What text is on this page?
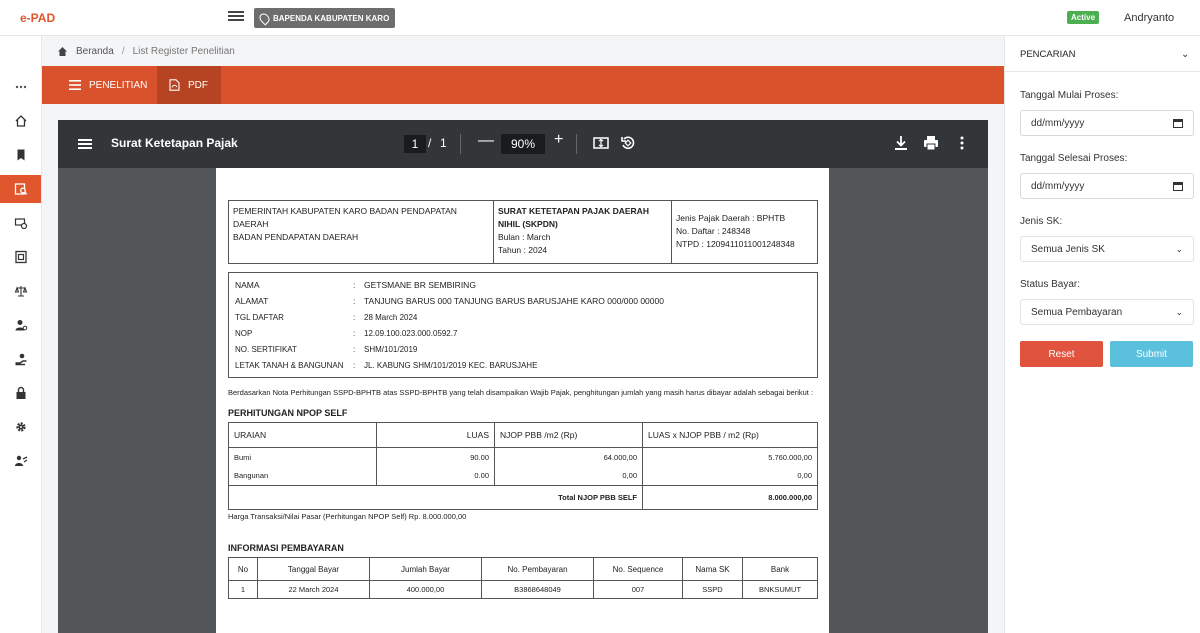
e-PAD	BAPENDA KABUPATEN KARO	Active	Andryanto
Beranda / List Register Penelitian
PENELITIAN	PDF
Surat Ketetapan Pajak	1 / 1 —	90%	+
PEMERINTAH KABUPATEN KARO BADAN PENDAPATAN DAERAH
BADAN PENDAPATAN DAERAH

SURAT KETETAPAN PAJAK DAERAH NIHIL (SKPDN)
Bulan : March
Tahun : 2024

Jenis Pajak Daerah : BPHTB
No. Daftar : 248348
NTPD : 1209411011001248348
NAMA	:	GETSMANE BR SEMBIRING
ALAMAT	:	TANJUNG BARUS 000 TANJUNG BARUS BARUSJAHE KARO 000/000 00000
TGL DAFTAR	:	28 March 2024
NOP	:	12.09.100.023.000.0592.7
NO. SERTIFIKAT	:	SHM/101/2019
LETAK TANAH & BANGUNAN	:	JL. KABUNG SHM/101/2019 KEC. BARUSJAHE
Berdasarkan Nota Perhitungan SSPD-BPHTB atas SSPD-BPHTB yang telah disampaikan Wajib Pajak, penghitungan jumlah yang masih harus dibayar adalah sebagai berikut :
PERHITUNGAN NPOP SELF
URAIAN	LUAS	NJOP PBB /m2 (Rp)	LUAS x NJOP PBB / m2 (Rp)
Bumi	90.00	64.000,00	5.760.000,00
Bangunan	0.00	0,00	0,00
Total NJOP PBB SELF			8.000.000,00
Harga Transaksi/Nilai Pasar (Perhitungan NPOP Self) Rp. 8.000.000,00
INFORMASI PEMBAYARAN
No	Tanggal Bayar	Jumlah Bayar	No. Pembayaran	No. Sequence	Nama SK	Bank
1	22 March 2024	400.000,00	B3868648049	007	SSPD	BNKSUMUT
PENCARIAN	⌄
Tanggal Mulai Proses:
dd/mm/yyyy
Tanggal Selesai Proses:
dd/mm/yyyy
Jenis SK:
Semua Jenis SK	⌄
Status Bayar:
Semua Pembayaran	⌄
Reset	Submit
